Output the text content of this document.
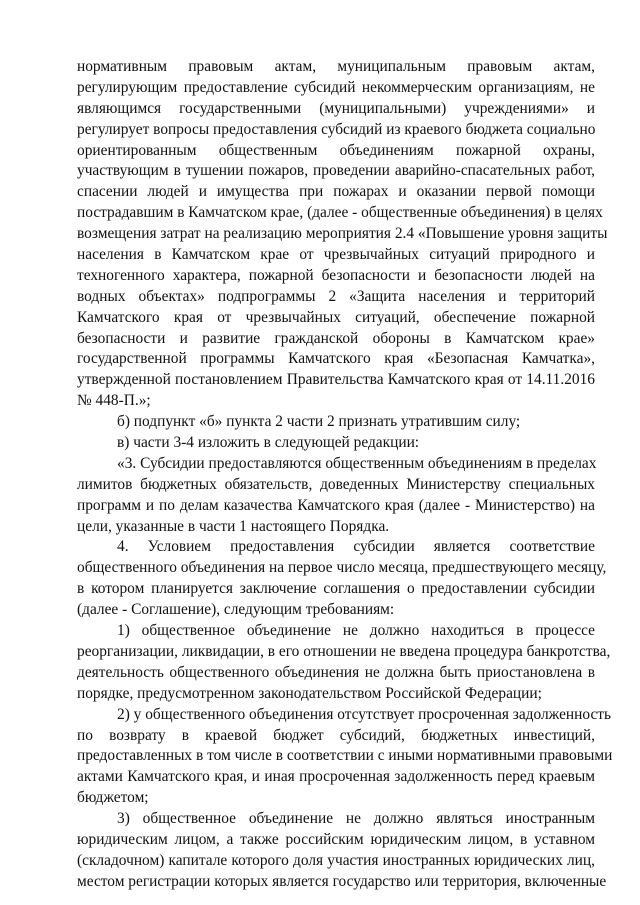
нормативным правовым актам, муниципальным правовым актам,
регулирующим предоставление субсидий некоммерческим организациям, не
являющимся государственными (муниципальными) учреждениями» и
регулирует вопросы предоставления субсидий из краевого бюджета социально
ориентированным общественным объединениям пожарной охраны,
участвующим в тушении пожаров, проведении аварийно-спасательных работ,
спасении людей и имущества при пожарах и оказании первой помощи
пострадавшим в Камчатском крае, (далее - общественные объединения) в целях
возмещения затрат на реализацию мероприятия 2.4 «Повышение уровня защиты
населения в Камчатском крае от чрезвычайных ситуаций природного и
техногенного характера, пожарной безопасности и безопасности людей на
водных объектах» подпрограммы 2 «Защита населения и территорий
Камчатского края от чрезвычайных ситуаций, обеспечение пожарной
безопасности и развитие гражданской обороны в Камчатском крае»
государственной программы Камчатского края «Безопасная Камчатка»,
утвержденной постановлением Правительства Камчатского края от 14.11.2016
№ 448-П.»;
б) подпункт «б» пункта 2 части 2 признать утратившим силу;
в) части 3-4 изложить в следующей редакции:
«3. Субсидии предоставляются общественным объединениям в пределах
лимитов бюджетных обязательств, доведенных Министерству специальных
программ и по делам казачества Камчатского края (далее - Министерство) на
цели, указанные в части 1 настоящего Порядка.
4. Условием предоставления субсидии является соответствие
общественного объединения на первое число месяца, предшествующего месяцу,
в котором планируется заключение соглашения о предоставлении субсидии
(далее - Соглашение), следующим требованиям:
1) общественное объединение не должно находиться в процессе
реорганизации, ликвидации, в его отношении не введена процедура банкротства,
деятельность общественного объединения не должна быть приостановлена в
порядке, предусмотренном законодательством Российской Федерации;
2) у общественного объединения отсутствует просроченная задолженность
по возврату в краевой бюджет субсидий, бюджетных инвестиций,
предоставленных в том числе в соответствии с иными нормативными правовыми
актами Камчатского края, и иная просроченная задолженность перед краевым
бюджетом;
3) общественное объединение не должно являться иностранным
юридическим лицом, а также российским юридическим лицом, в уставном
(складочном) капитале которого доля участия иностранных юридических лиц,
местом регистрации которых является государство или территория, включенные
